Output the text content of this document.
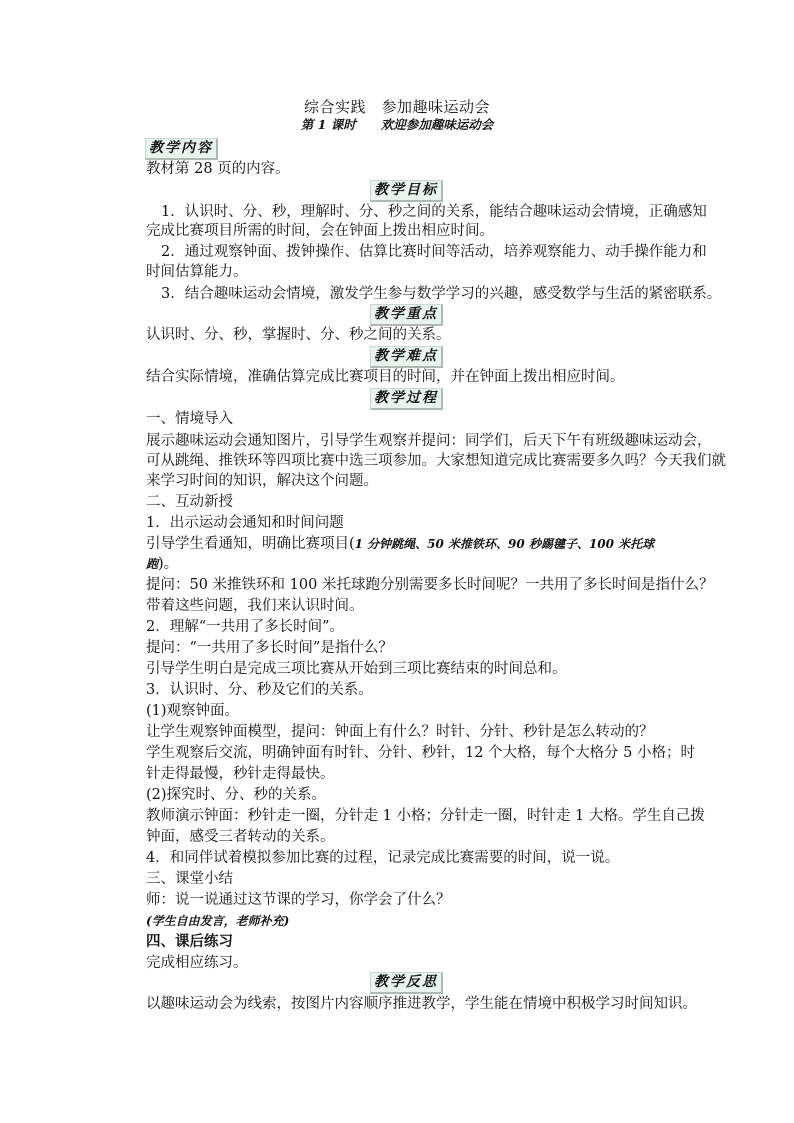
综合实践　参加趣味运动会
第 1 课时　　欢迎参加趣味运动会
教学内容
教材第 28 页的内容。
教学目标
1．认识时、分、秒，理解时、分、秒之间的关系，能结合趣味运动会情境，正确感知
完成比赛项目所需的时间，会在钟面上拨出相应时间。
2．通过观察钟面、拨钟操作、估算比赛时间等活动，培养观察能力、动手操作能力和
时间估算能力。
3．结合趣味运动会情境，激发学生参与数学学习的兴趣，感受数学与生活的紧密联系。
教学重点
认识时、分、秒，掌握时、分、秒之间的关系。
教学难点
结合实际情境，准确估算完成比赛项目的时间，并在钟面上拨出相应时间。
教学过程
一、情境导入
展示趣味运动会通知图片，引导学生观察并提问：同学们，后天下午有班级趣味运动会，
可从跳绳、推铁环等四项比赛中选三项参加。大家想知道完成比赛需要多久吗？今天我们就
来学习时间的知识，解决这个问题。
二、互动新授
1．出示运动会通知和时间问题
引导学生看通知，明确比赛项目(1 分钟跳绳、50 米推铁环、90 秒踢毽子、100 米托球
跑)。
提问：50 米推铁环和 100 米托球跑分别需要多长时间呢？一共用了多长时间是指什么？
带着这些问题，我们来认识时间。
2．理解“一共用了多长时间”。
提问：“一共用了多长时间”是指什么？
引导学生明白是完成三项比赛从开始到三项比赛结束的时间总和。
3．认识时、分、秒及它们的关系。
(1)观察钟面。
让学生观察钟面模型，提问：钟面上有什么？时针、分针、秒针是怎么转动的？
学生观察后交流，明确钟面有时针、分针、秒针，12 个大格，每个大格分 5 小格；时
针走得最慢，秒针走得最快。
(2)探究时、分、秒的关系。
教师演示钟面：秒针走一圈，分针走 1 小格；分针走一圈，时针走 1 大格。学生自己拨
钟面，感受三者转动的关系。
4．和同伴试着模拟参加比赛的过程，记录完成比赛需要的时间，说一说。
三、课堂小结
师：说一说通过这节课的学习，你学会了什么？
(学生自由发言，老师补充)
四、课后练习
完成相应练习。
教学反思
以趣味运动会为线索，按图片内容顺序推进教学，学生能在情境中积极学习时间知识。
